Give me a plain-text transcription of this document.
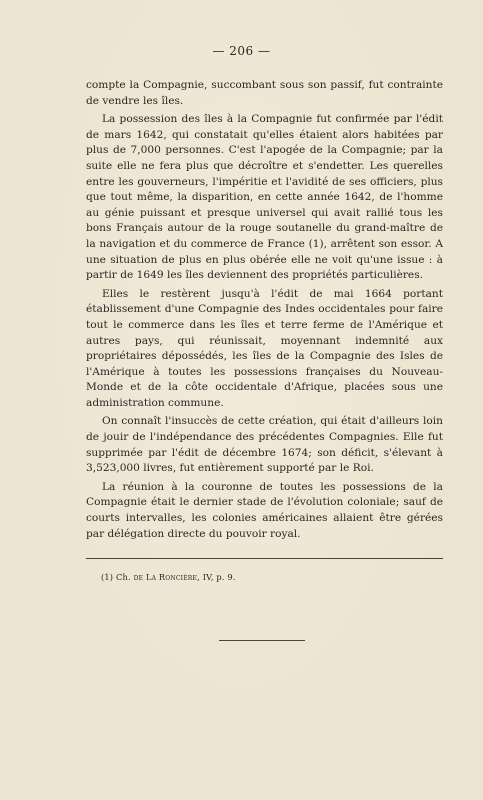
— 206 —

compte la Compagnie, succombant sous son passif, fut contrainte de vendre les îles.

La possession des îles à la Compagnie fut confirmée par l'édit de mars 1642, qui constatait qu'elles étaient alors habitées par plus de 7,000 personnes. C'est l'apogée de la Compagnie; par la suite elle ne fera plus que décroître et s'endetter. Les querelles entre les gouverneurs, l'impéritie et l'avidité de ses officiers, plus que tout même, la disparition, en cette année 1642, de l'homme au génie puissant et presque universel qui avait rallié tous les bons Français autour de la rouge soutanelle du grand-maître de la navigation et du commerce de France (1), arrêtent son essor. A une situation de plus en plus obérée elle ne voit qu'une issue : à partir de 1649 les îles deviennent des propriétés particulières.

Elles le restèrent jusqu'à l'édit de mai 1664 portant établissement d'une Compagnie des Indes occidentales pour faire tout le commerce dans les îles et terre ferme de l'Amérique et autres pays, qui réunissait, moyennant indemnité aux propriétaires dépossédés, les îles de la Compagnie des Isles de l'Amérique à toutes les possessions françaises du Nouveau-Monde et de la côte occidentale d'Afrique, placées sous une administration commune.

On connaît l'insuccès de cette création, qui était d'ailleurs loin de jouir de l'indépendance des précédentes Compagnies. Elle fut supprimée par l'édit de décembre 1674; son déficit, s'élevant à 3,523,000 livres, fut entièrement supporté par le Roi.

La réunion à la couronne de toutes les possessions de la Compagnie était le dernier stade de l'évolution coloniale; sauf de courts intervalles, les colonies américaines allaient être gérées par délégation directe du pouvoir royal.

(1) Ch. de La Roncière, IV, p. 9.
